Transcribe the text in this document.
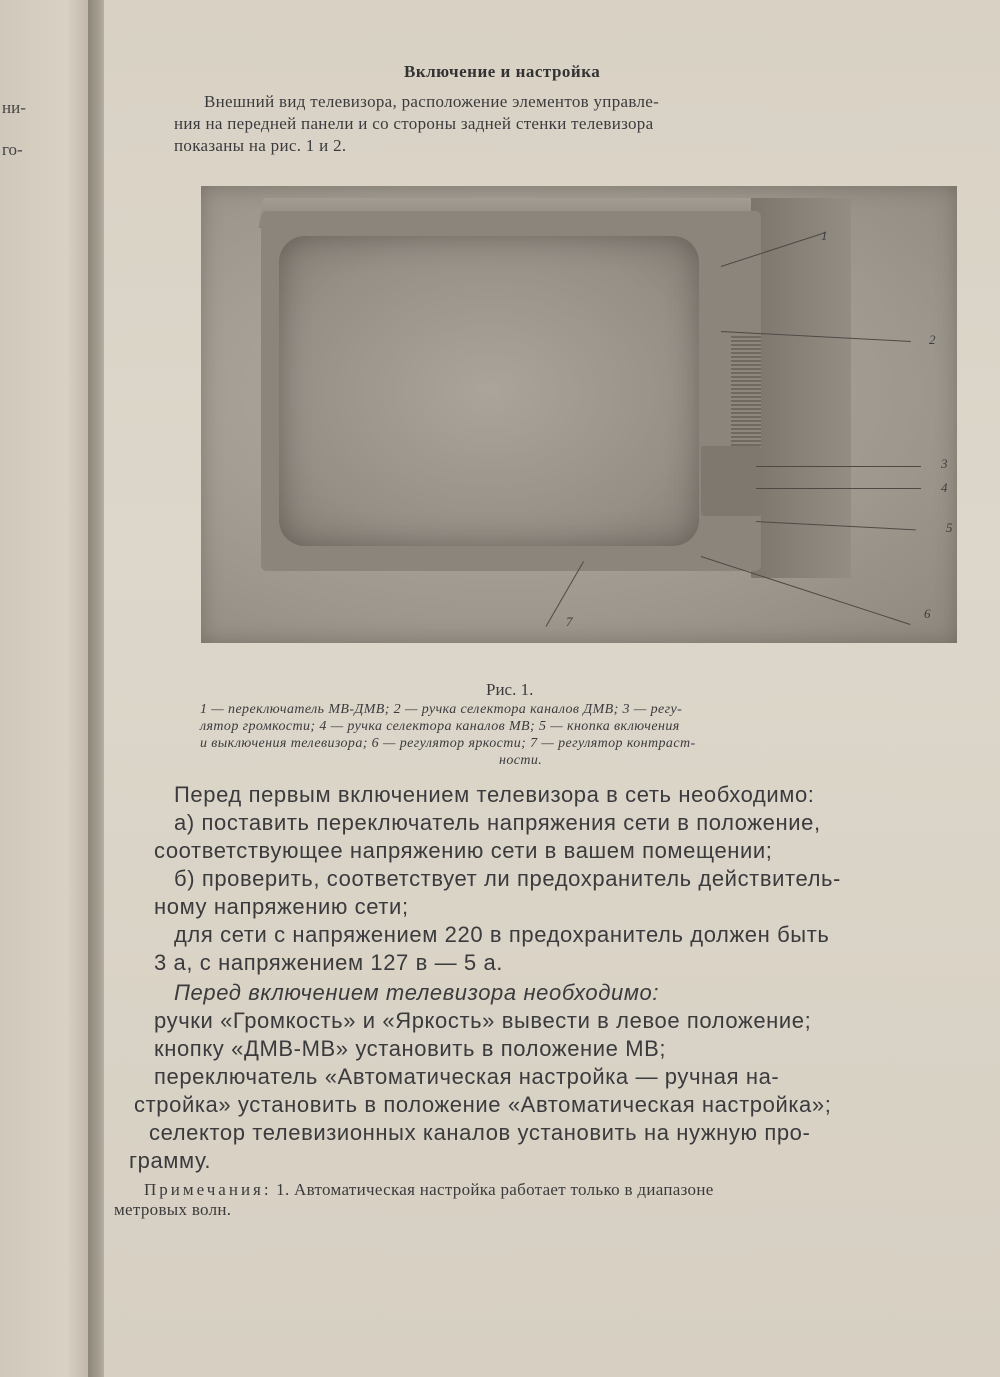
ни-
го-
Включение и настройка
Внешний вид телевизора, расположение элементов управле-
ния на передней панели и со стороны задней стенки телевизора
показаны на рис. 1 и 2.
1
2
3
4
5
6
7
Рис. 1.
1 — переключатель МВ-ДМВ; 2 — ручка селектора каналов ДМВ; 3 — регу-
лятор громкости; 4 — ручка селектора каналов МВ; 5 — кнопка включения
и выключения телевизора; 6 — регулятор яркости; 7 — регулятор контраст-
ности.
Перед первым включением телевизора в сеть необходимо:
а) поставить переключатель напряжения сети в положение,
соответствующее напряжению сети в вашем помещении;
б) проверить, соответствует ли предохранитель действитель-
ному напряжению сети;
для сети с напряжением 220 в предохранитель должен быть
3 а, с напряжением 127 в — 5 а.
Перед включением телевизора необходимо:
ручки «Громкость» и «Яркость» вывести в левое положение;
кнопку «ДМВ-МВ» установить в положение МВ;
переключатель «Автоматическая настройка — ручная на-
стройка» установить в положение «Автоматическая настройка»;
селектор телевизионных каналов установить на нужную про-
грамму.
Примечания: 1. Автоматическая настройка работает только в диапазоне
метровых волн.
